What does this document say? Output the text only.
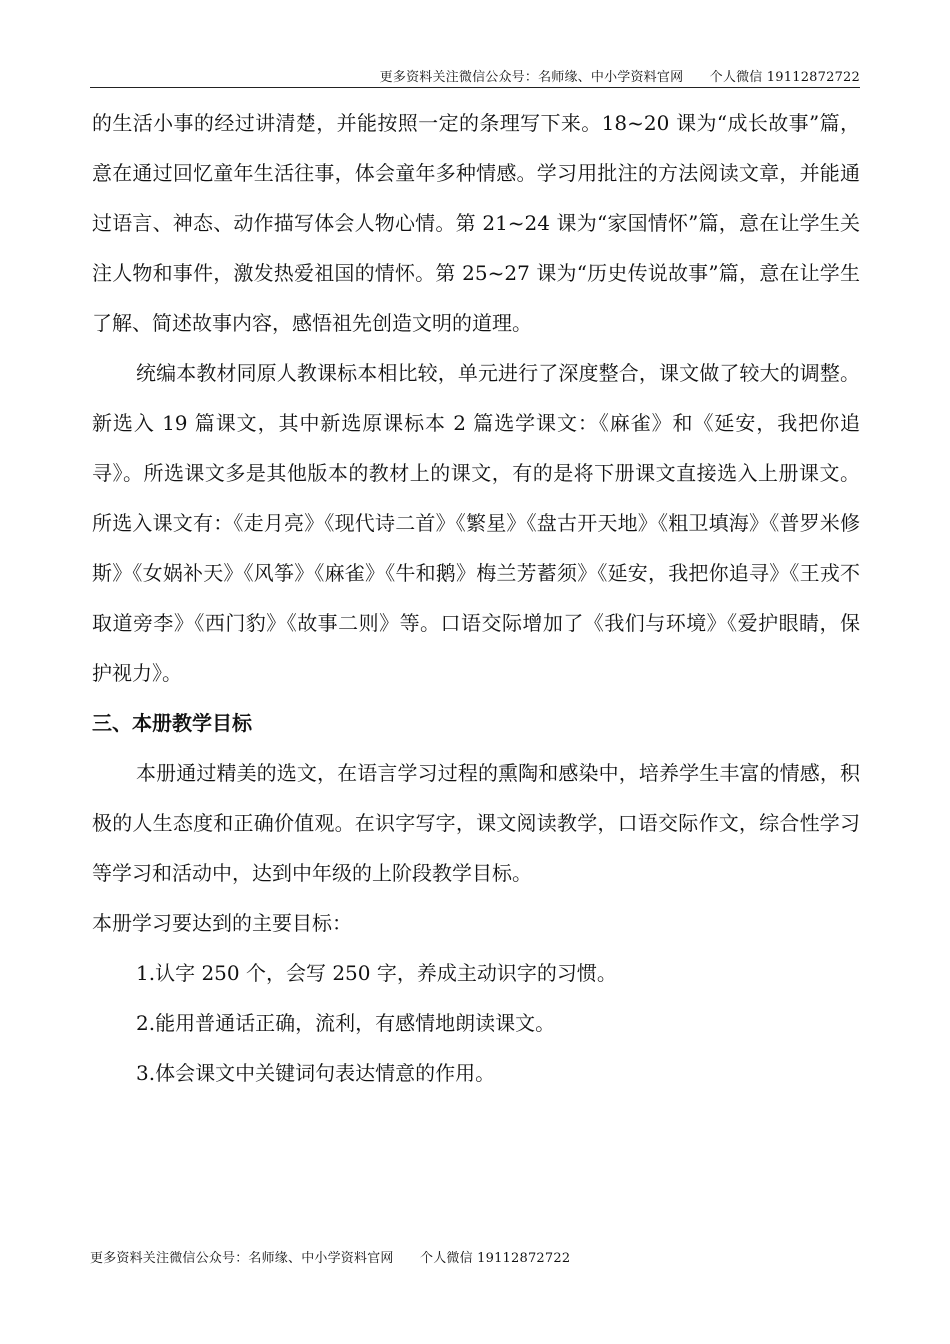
更多资料关注微信公众号：名师缘、中小学资料官网　　个人微信 19112872722

的生活小事的经过讲清楚，并能按照一定的条理写下来。18~20 课为“成长故事”篇，意在通过回忆童年生活往事，体会童年多种情感。学习用批注的方法阅读文章，并能通过语言、神态、动作描写体会人物心情。第 21~24 课为“家国情怀”篇，意在让学生关注人物和事件，激发热爱祖国的情怀。第 25~27 课为“历史传说故事”篇，意在让学生了解、简述故事内容，感悟祖先创造文明的道理。

统编本教材同原人教课标本相比较，单元进行了深度整合，课文做了较大的调整。新选入 19 篇课文，其中新选原课标本 2 篇选学课文：《麻雀》和《延安，我把你追寻》。所选课文多是其他版本的教材上的课文，有的是将下册课文直接选入上册课文。所选入课文有：《走月亮》《现代诗二首》《繁星》《盘古开天地》《粗卫填海》《普罗米修斯》《女娲补天》《风筝》《麻雀》《牛和鹅》梅兰芳蓄须》《延安，我把你追寻》《王戎不取道旁李》《西门豹》《故事二则》等。口语交际增加了《我们与环境》《爱护眼睛，保护视力》。

三、本册教学目标

本册通过精美的选文，在语言学习过程的熏陶和感染中，培养学生丰富的情感，积极的人生态度和正确价值观。在识字写字，课文阅读教学，口语交际作文，综合性学习等学习和活动中，达到中年级的上阶段教学目标。

本册学习要达到的主要目标：

1.认字 250 个，会写 250 字，养成主动识字的习惯。

2.能用普通话正确，流利，有感情地朗读课文。

3.体会课文中关键词句表达情意的作用。

更多资料关注微信公众号：名师缘、中小学资料官网　　个人微信 19112872722
